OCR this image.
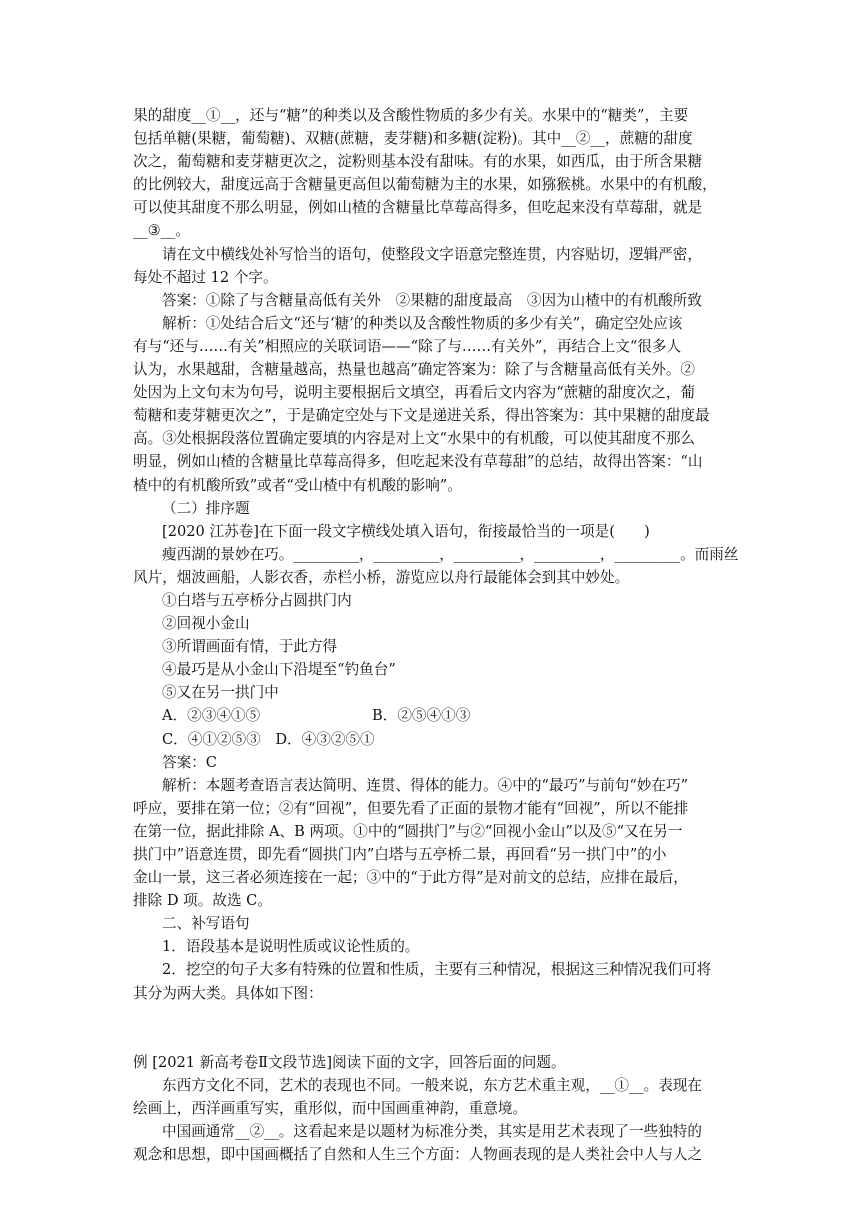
果的甜度__①__，还与“糖”的种类以及含酸性物质的多少有关。水果中的“糖类”，主要
包括单糖(果糖，葡萄糖)、双糖(蔗糖，麦芽糖)和多糖(淀粉)。其中__②__，蔗糖的甜度
次之，葡萄糖和麦芽糖更次之，淀粉则基本没有甜味。有的水果，如西瓜，由于所含果糖
的比例较大，甜度远高于含糖量更高但以葡萄糖为主的水果，如猕猴桃。水果中的有机酸，
可以使其甜度不那么明显，例如山楂的含糖量比草莓高得多，但吃起来没有草莓甜，就是
__③__。
请在文中横线处补写恰当的语句，使整段文字语意完整连贯，内容贴切，逻辑严密，
每处不超过 12 个字。
答案：①除了与含糖量高低有关外　②果糖的甜度最高　③因为山楂中的有机酸所致
解析：①处结合后文“还与‘糖’的种类以及含酸性物质的多少有关”，确定空处应该
有与“还与……有关”相照应的关联词语——“除了与……有关外”，再结合上文“很多人
认为，水果越甜，含糖量越高，热量也越高”确定答案为：除了与含糖量高低有关外。②
处因为上文句末为句号，说明主要根据后文填空，再看后文内容为“蔗糖的甜度次之，葡
萄糖和麦芽糖更次之”，于是确定空处与下文是递进关系，得出答案为：其中果糖的甜度最
高。③处根据段落位置确定要填的内容是对上文“水果中的有机酸，可以使其甜度不那么
明显，例如山楂的含糖量比草莓高得多，但吃起来没有草莓甜”的总结，故得出答案：“山
楂中的有机酸所致”或者“受山楂中有机酸的影响”。
（二）排序题
[2020 江苏卷]在下面一段文字横线处填入语句，衔接最恰当的一项是(　　)
瘦西湖的景妙在巧。_________，_________，_________，_________，_________。而雨丝
风片，烟波画船，人影衣香，赤栏小桥，游览应以舟行最能体会到其中妙处。
①白塔与五亭桥分占圆拱门内
②回视小金山
③所谓画面有情，于此方得
④最巧是从小金山下沿堤至“钓鱼台”
⑤又在另一拱门中
A．②③④①⑤	B．②⑤④①③
C．④①②⑤③　 D．④③②⑤①
答案：C
解析：本题考查语言表达简明、连贯、得体的能力。④中的“最巧”与前句“妙在巧”
呼应，要排在第一位；②有“回视”，但要先看了正面的景物才能有“回视”，所以不能排
在第一位，据此排除 A、B 两项。①中的“圆拱门”与②“回视小金山”以及⑤“又在另一
拱门中”语意连贯，即先看“圆拱门内”白塔与五亭桥二景，再回看“另一拱门中”的小
金山一景，这三者必须连接在一起；③中的“于此方得”是对前文的总结，应排在最后，
排除 D 项。故选 C。
二、补写语句
1．语段基本是说明性质或议论性质的。
2．挖空的句子大多有特殊的位置和性质，主要有三种情况，根据这三种情况我们可将
其分为两大类。具体如下图：
例 [2021 新高考卷Ⅱ文段节选]阅读下面的文字，回答后面的问题。
东西方文化不同，艺术的表现也不同。一般来说，东方艺术重主观，__①__。表现在
绘画上，西洋画重写实，重形似，而中国画重神韵，重意境。
中国画通常__②__。这看起来是以题材为标准分类，其实是用艺术表现了一些独特的
观念和思想，即中国画概括了自然和人生三个方面：人物画表现的是人类社会中人与人之
